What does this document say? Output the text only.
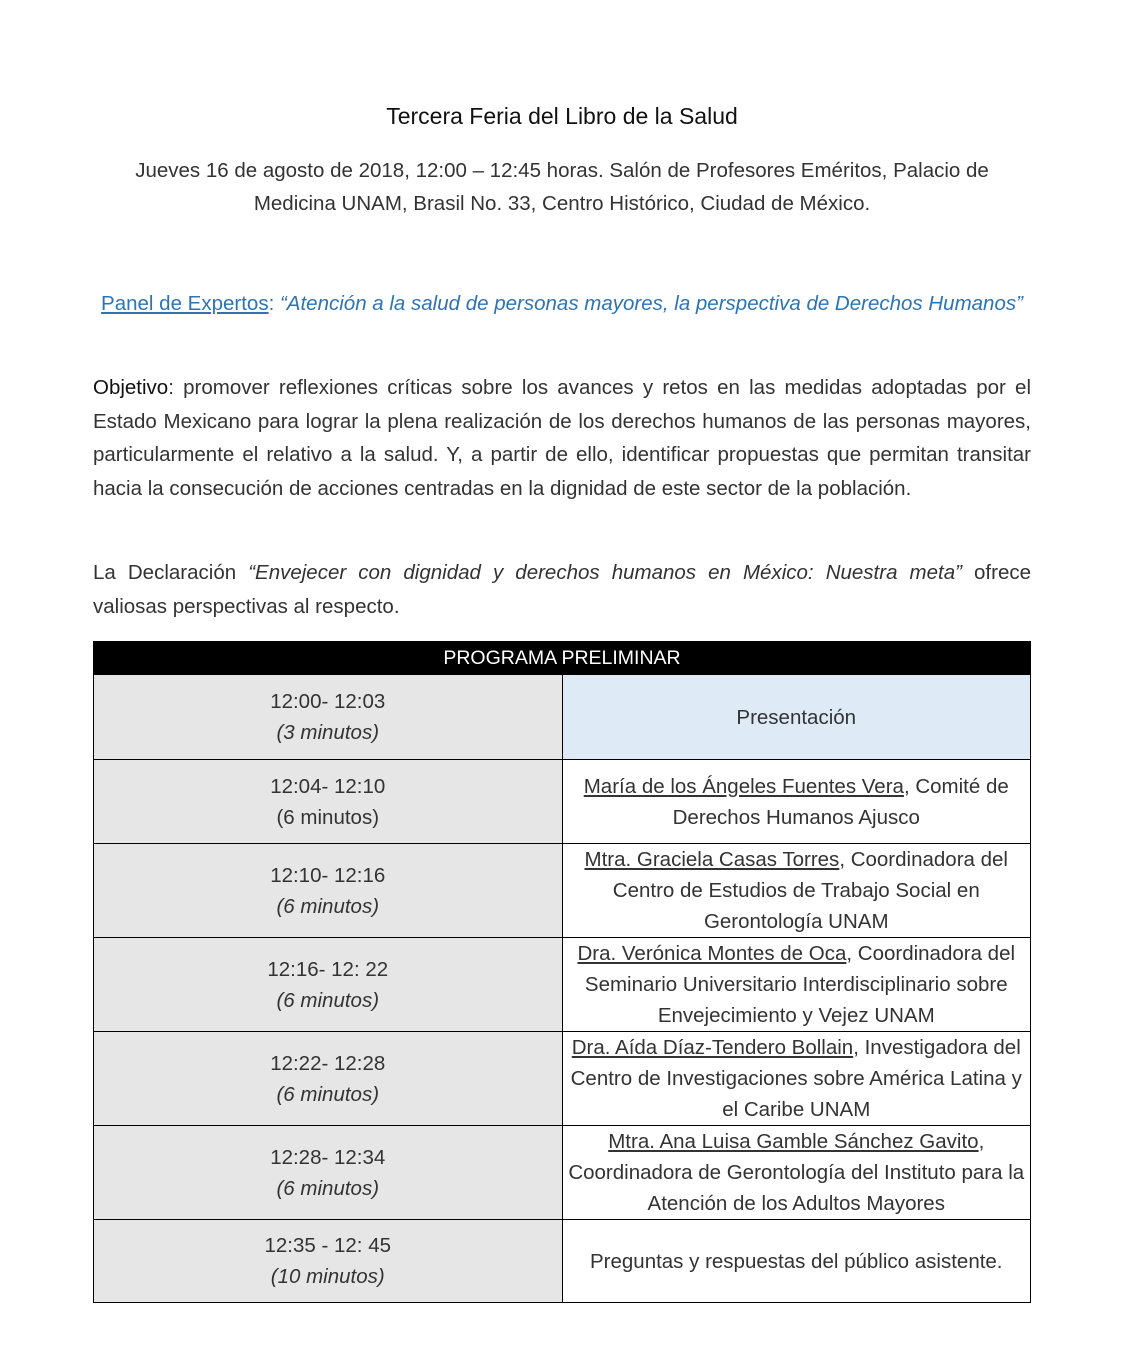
Tercera Feria del Libro de la Salud
Jueves 16 de agosto de 2018, 12:00 – 12:45 horas. Salón de Profesores Eméritos, Palacio de
Medicina UNAM, Brasil No. 33, Centro Histórico, Ciudad de México.
Panel de Expertos: “Atención a la salud de personas mayores, la perspectiva de Derechos Humanos”
Objetivo: promover reflexiones críticas sobre los avances y retos en las medidas adoptadas por el Estado Mexicano para lograr la plena realización de los derechos humanos de las personas mayores, particularmente el relativo a la salud. Y, a partir de ello, identificar propuestas que permitan transitar hacia la consecución de acciones centradas en la dignidad de este sector de la población.
La Declaración “Envejecer con dignidad y derechos humanos en México: Nuestra meta” ofrece valiosas perspectivas al respecto.
PROGRAMA PRELIMINAR	

12:00- 12:03
(3 minutos)	Presentación

12:04- 12:10
(6 minutos)	María de los Ángeles Fuentes Vera, Comité de Derechos Humanos Ajusco

12:10- 12:16
(6 minutos)	Mtra. Graciela Casas Torres, Coordinadora del Centro de Estudios de Trabajo Social en Gerontología UNAM

12:16- 12: 22
(6 minutos)	Dra. Verónica Montes de Oca, Coordinadora del Seminario Universitario Interdisciplinario sobre Envejecimiento y Vejez UNAM

12:22- 12:28
(6 minutos)	Dra. Aída Díaz-Tendero Bollain, Investigadora del Centro de Investigaciones sobre América Latina y el Caribe UNAM

12:28- 12:34
(6 minutos)	Mtra. Ana Luisa Gamble Sánchez Gavito, Coordinadora de Gerontología del Instituto para la Atención de los Adultos Mayores

12:35 - 12: 45
(10 minutos)	Preguntas y respuestas del público asistente.
